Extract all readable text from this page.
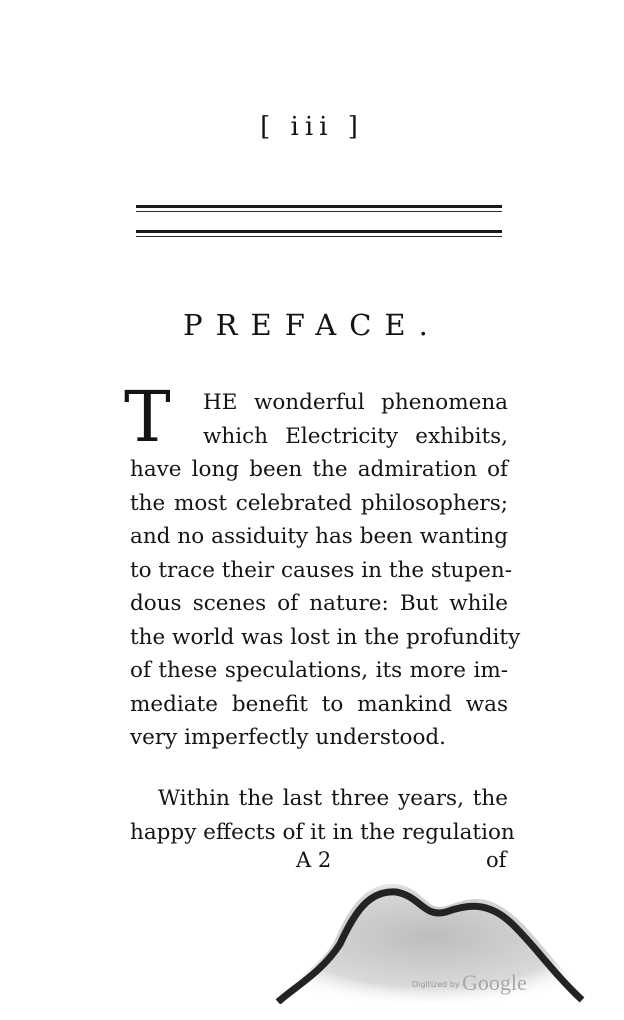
[ iii ]
PREFACE.
T	HE wonderful phenomena
which Electricity exhibits,
have long been the admiration of
the most celebrated philosophers;
and no assiduity has been wanting
to trace their causes in the stupen-
dous scenes of nature: But while
the world was lost in the profundity
of these speculations, its more im-
mediate benefit to mankind was
very imperfectly understood.
Within the last three years, the
happy effects of it in the regulation
A 2	of
Digitized by Google
